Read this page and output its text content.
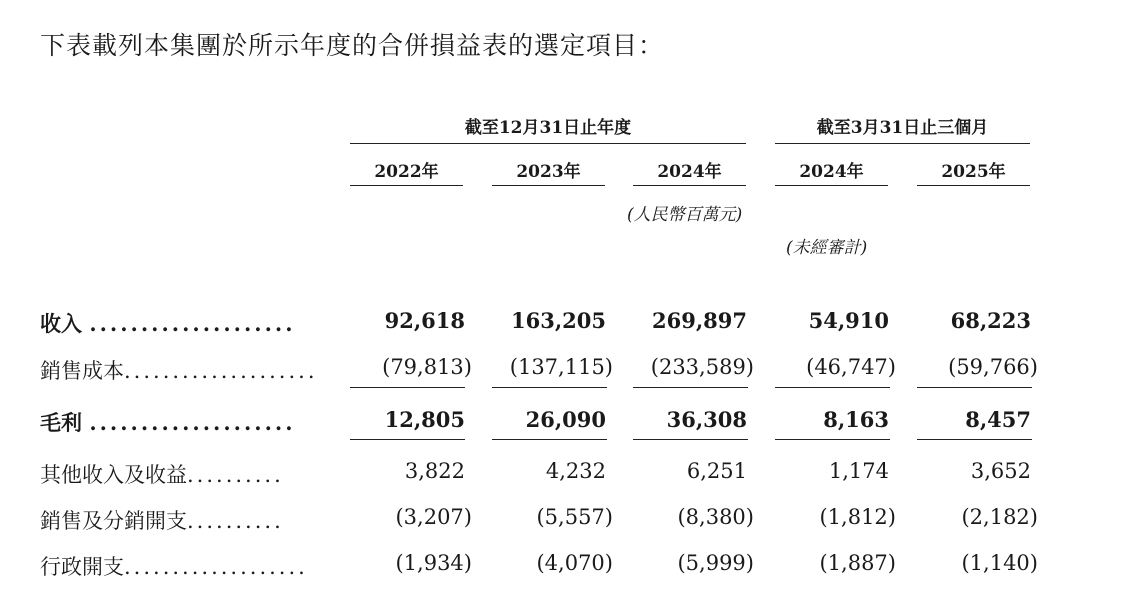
下表載列本集團於所示年度的合併損益表的選定項目：
截至12月31日止年度	截至3月31日止三個月
2022年	2023年	2024年	2024年	2025年
(人民幣百萬元)
(未經審計)
收入 ....................	92,618	163,205	269,897	54,910	68,223
銷售成本....................	(79,813)	(137,115)	(233,589)	(46,747)	(59,766)
毛利 ....................	12,805	26,090	36,308	8,163	8,457
其他收入及收益..........	3,822	4,232	6,251	1,174	3,652
銷售及分銷開支..........	(3,207)	(5,557)	(8,380)	(1,812)	(2,182)
行政開支...................	(1,934)	(4,070)	(5,999)	(1,887)	(1,140)
